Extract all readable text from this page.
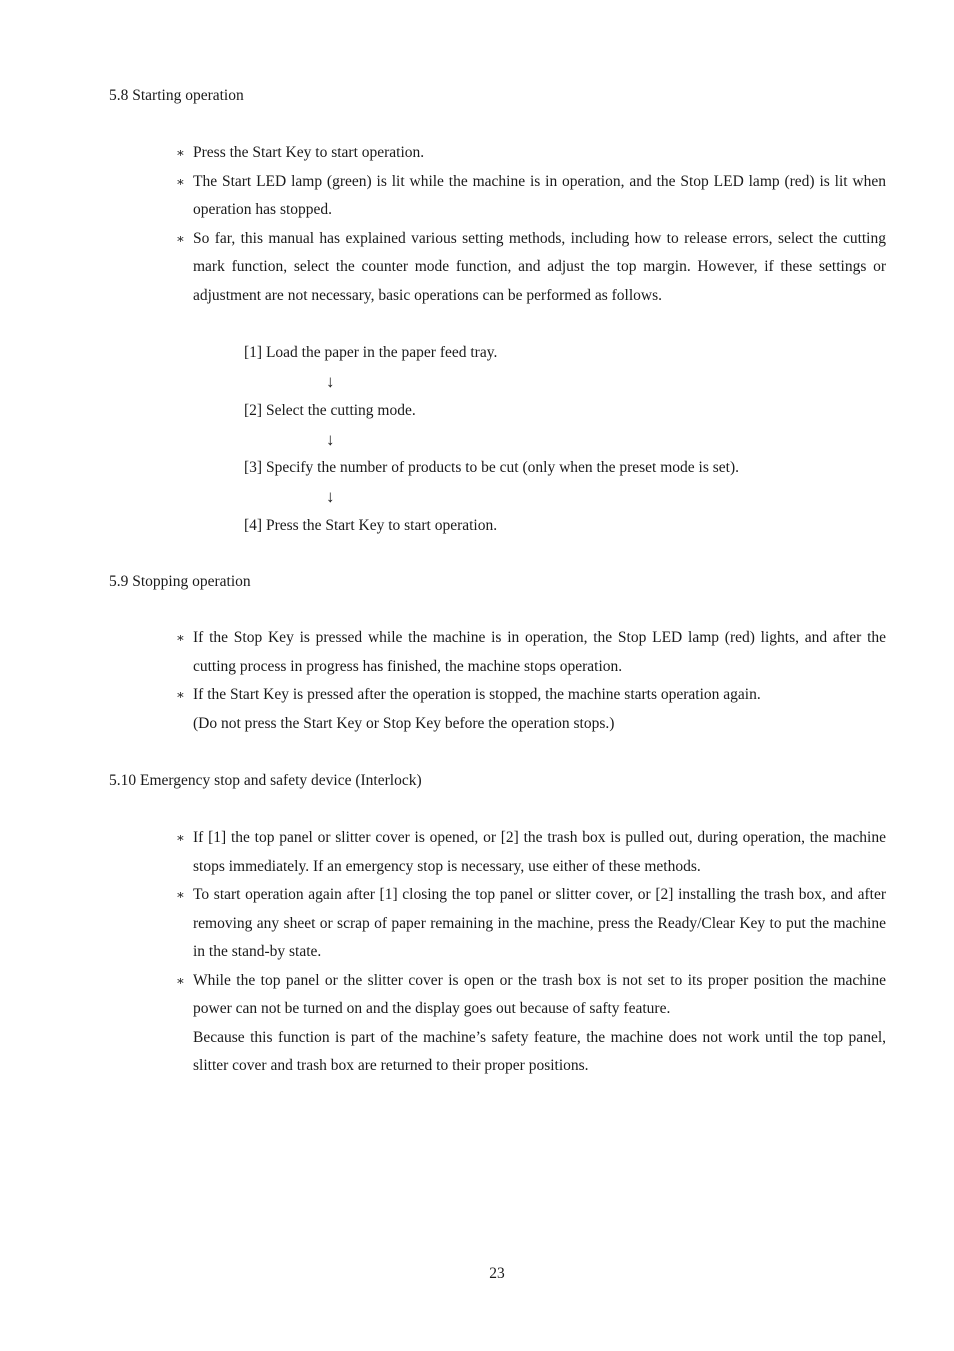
5.8 Starting operation
∗ Press the Start Key to start operation.
∗ The Start LED lamp (green) is lit while the machine is in operation, and the Stop LED lamp (red) is lit when operation has stopped.
∗ So far, this manual has explained various setting methods, including how to release errors, select the cutting mark function, select the counter mode function, and adjust the top margin. However, if these settings or adjustment are not necessary, basic operations can be performed as follows.
[1] Load the paper in the paper feed tray.
↓
[2] Select the cutting mode.
↓
[3] Specify the number of products to be cut (only when the preset mode is set).
↓
[4] Press the Start Key to start operation.
5.9 Stopping operation
∗ If the Stop Key is pressed while the machine is in operation, the Stop LED lamp (red) lights, and after the cutting process in progress has finished, the machine stops operation.
∗ If the Start Key is pressed after the operation is stopped, the machine starts operation again.
(Do not press the Start Key or Stop Key before the operation stops.)
5.10 Emergency stop and safety device (Interlock)
∗ If [1] the top panel or slitter cover is opened, or [2] the trash box is pulled out, during operation, the machine stops immediately. If an emergency stop is necessary, use either of these methods.
∗ To start operation again after [1] closing the top panel or slitter cover, or [2] installing the trash box, and after removing any sheet or scrap of paper remaining in the machine, press the Ready/Clear Key to put the machine in the stand-by state.
∗ While the top panel or the slitter cover is open or the trash box is not set to its proper position the machine power can not be turned on and the display goes out because of safty feature.
Because this function is part of the machine’s safety feature, the machine does not work until the top panel, slitter cover and trash box are returned to their proper positions.
23
